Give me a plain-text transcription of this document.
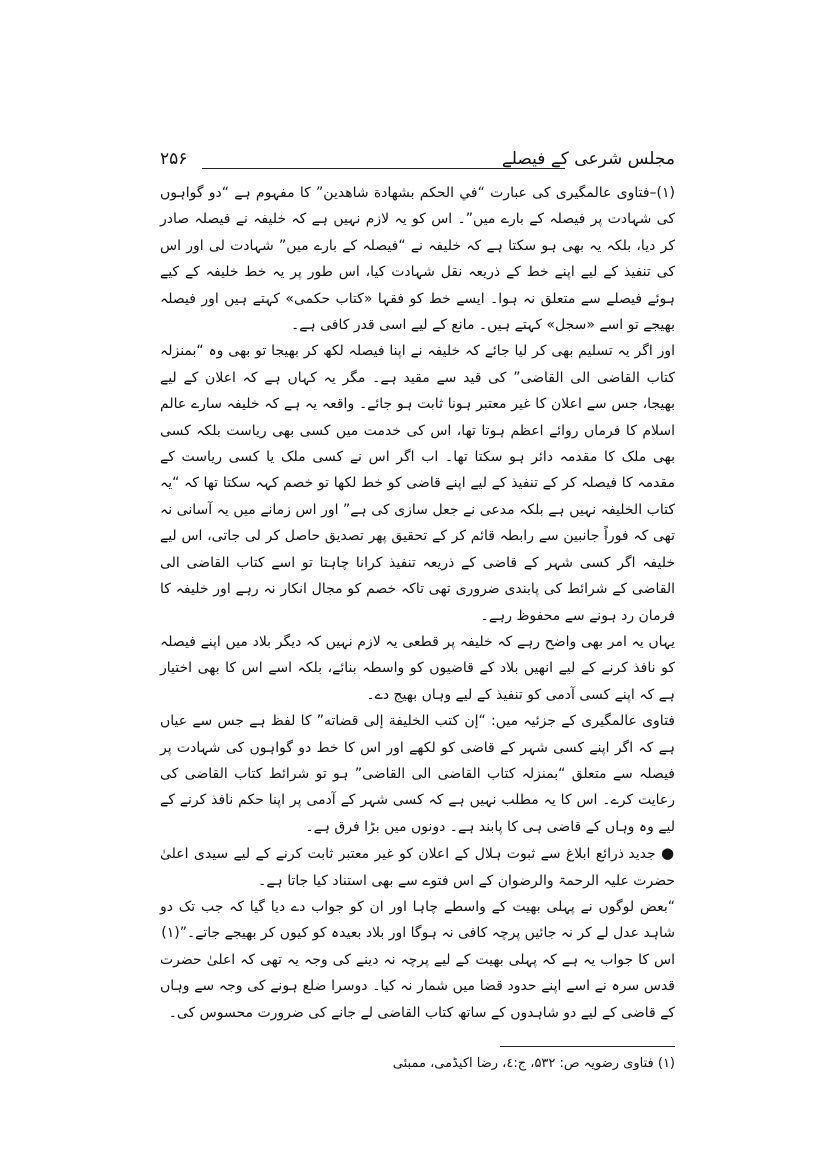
مجلس شرعی کے فیصلے
۲۵۶

(۱)–فتاوی عالمگیری کی عبارت “في الحكم بشهادة شاهدين” کا مفہوم ہے “دو گواہوں کی شہادت پر فیصلہ کے بارے میں”۔ اس کو یہ لازم نہیں ہے کہ خلیفہ نے فیصلہ صادر کر دیا، بلکہ یہ بھی ہو سکتا ہے کہ خلیفہ نے “فیصلہ کے بارے میں” شہادت لی اور اس کی تنفیذ کے لیے اپنے خط کے ذریعہ نقل شہادت کیا، اس طور پر یہ خط خلیفہ کے کیے ہوئے فیصلے سے متعلق نہ ہوا۔ ایسے خط کو فقہا «کتاب حکمی» کہتے ہیں اور فیصلہ بھیجے تو اسے «سجل» کہتے ہیں۔ مانع کے لیے اسی قدر کافی ہے۔

اور اگر یہ تسلیم بھی کر لیا جائے کہ خلیفہ نے اپنا فیصلہ لکھ کر بھیجا تو بھی وہ “بمنزلہ کتاب القاضی الی القاضی” کی قید سے مقید ہے۔ مگر یہ کہاں ہے کہ اعلان کے لیے بھیجا، جس سے اعلان کا غیر معتبر ہونا ثابت ہو جائے۔ واقعہ یہ ہے کہ خلیفہ سارے عالم اسلام کا فرماں روائے اعظم ہوتا تھا، اس کی خدمت میں کسی بھی ریاست بلکہ کسی بھی ملک کا مقدمہ دائر ہو سکتا تھا۔ اب اگر اس نے کسی ملک یا کسی ریاست کے مقدمہ کا فیصلہ کر کے تنفیذ کے لیے اپنے قاضی کو خط لکھا تو خصم کہہ سکتا تھا کہ “یہ کتاب الخلیفہ نہیں ہے بلکہ مدعی نے جعل سازی کی ہے” اور اس زمانے میں یہ آسانی نہ تھی کہ فوراً جانبین سے رابطہ قائم کر کے تحقیق پھر تصدیق حاصل کر لی جاتی، اس لیے خلیفہ اگر کسی شہر کے قاضی کے ذریعہ تنفیذ کرانا چاہتا تو اسے کتاب القاضی الی القاضی کے شرائط کی پابندی ضروری تھی تاکہ خصم کو مجال انکار نہ رہے اور خلیفہ کا فرمان رد ہونے سے محفوظ رہے۔

یہاں یہ امر بھی واضح رہے کہ خلیفہ پر قطعی یہ لازم نہیں کہ دیگر بلاد میں اپنے فیصلہ کو نافذ کرنے کے لیے انھیں بلاد کے قاضیوں کو واسطہ بنائے، بلکہ اسے اس کا بھی اختیار ہے کہ اپنے کسی آدمی کو تنفیذ کے لیے وہاں بھیج دے۔

فتاوی عالمگیری کے جزئیہ میں: “إن كتب الخليفة إلى قضاته” کا لفظ ہے جس سے عیاں ہے کہ اگر اپنے کسی شہر کے قاضی کو لکھے اور اس کا خط دو گواہوں کی شہادت پر فیصلہ سے متعلق “بمنزلہ کتاب القاضی الی القاضی” ہو تو شرائط کتاب القاضی کی رعایت کرے۔ اس کا یہ مطلب نہیں ہے کہ کسی شہر کے آدمی پر اپنا حکم نافذ کرنے کے لیے وہ وہاں کے قاضی ہی کا پابند ہے۔ دونوں میں بڑا فرق ہے۔

● جدید ذرائع ابلاغ سے ثبوت ہلال کے اعلان کو غیر معتبر ثابت کرنے کے لیے سیدی اعلیٰ حضرت علیہ الرحمۃ والرضوان کے اس فتوے سے بھی استناد کیا جاتا ہے۔

“بعض لوگوں نے پہلی بھیت کے واسطے چاہا اور ان کو جواب دے دیا گیا کہ جب تک دو شاہد عدل لے کر نہ جائیں پرچہ کافی نہ ہوگا اور بلاد بعیدہ کو کیوں کر بھیجے جاتے۔”(۱)

اس کا جواب یہ ہے کہ پہلی بھیت کے لیے پرچہ نہ دینے کی وجہ یہ تھی کہ اعلیٰ حضرت قدس سرہ نے اسے اپنے حدود قضا میں شمار نہ کیا۔ دوسرا ضلع ہونے کی وجہ سے وہاں کے قاضی کے لیے دو شاہدوں کے ساتھ کتاب القاضی لے جانے کی ضرورت محسوس کی۔

(۱) فتاوی رضویہ ص: ۵۳۲، ج:٤، رضا اکیڈمی، ممبئی
